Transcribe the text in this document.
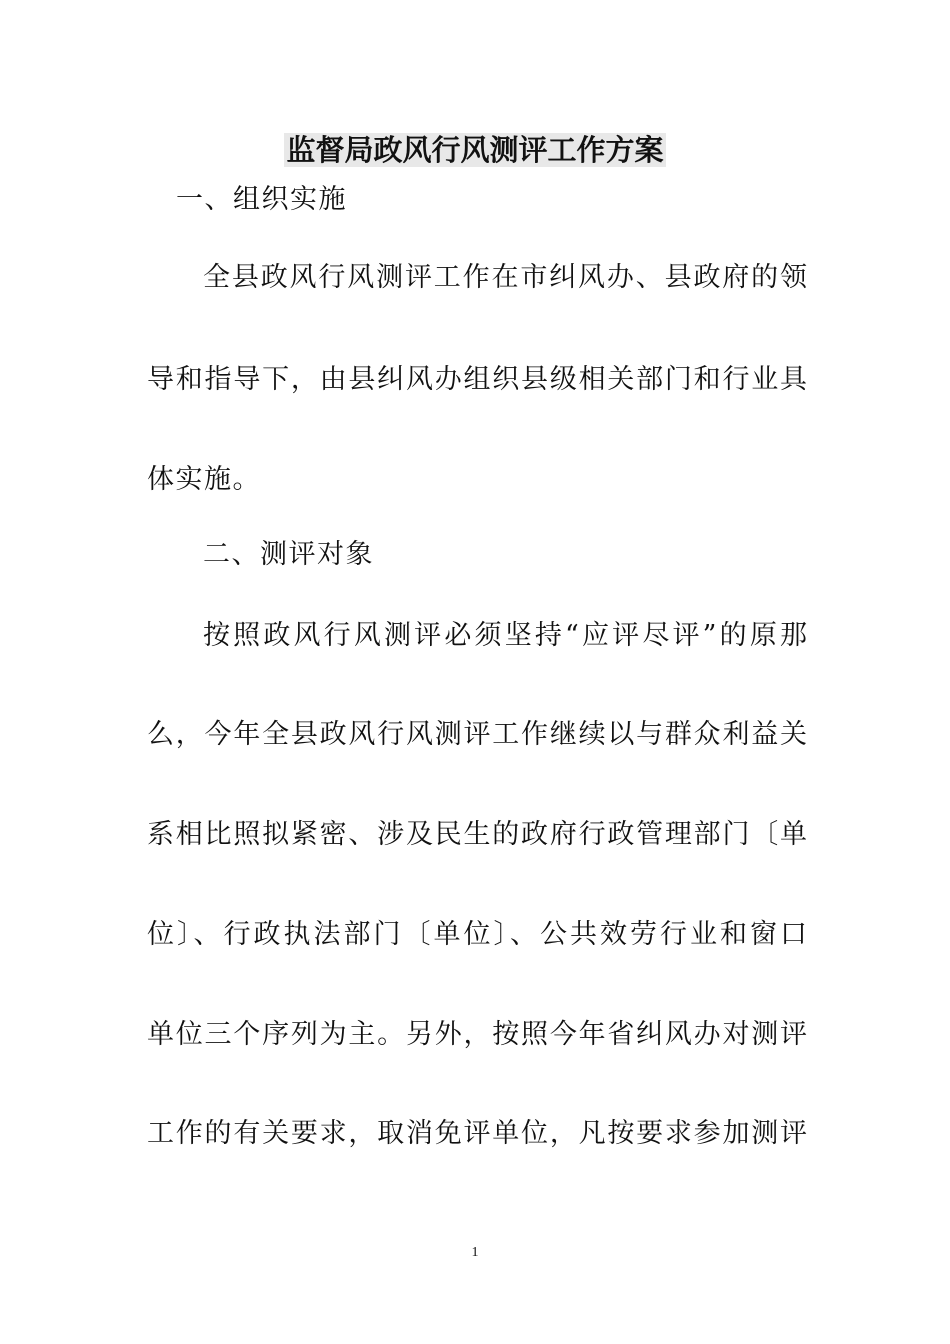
监督局政风行风测评工作方案

一、组织实施

全县政风行风测评工作在市纠风办、县政府的领

导和指导下，由县纠风办组织县级相关部门和行业具

体实施。

二、测评对象

按照政风行风测评必须坚持“应评尽评”的原那

么，今年全县政风行风测评工作继续以与群众利益关

系相比照拟紧密、涉及民生的政府行政管理部门〔单

位〕、行政执法部门〔单位〕、公共效劳行业和窗口

单位三个序列为主。另外，按照今年省纠风办对测评

工作的有关要求，取消免评单位，凡按要求参加测评

1
